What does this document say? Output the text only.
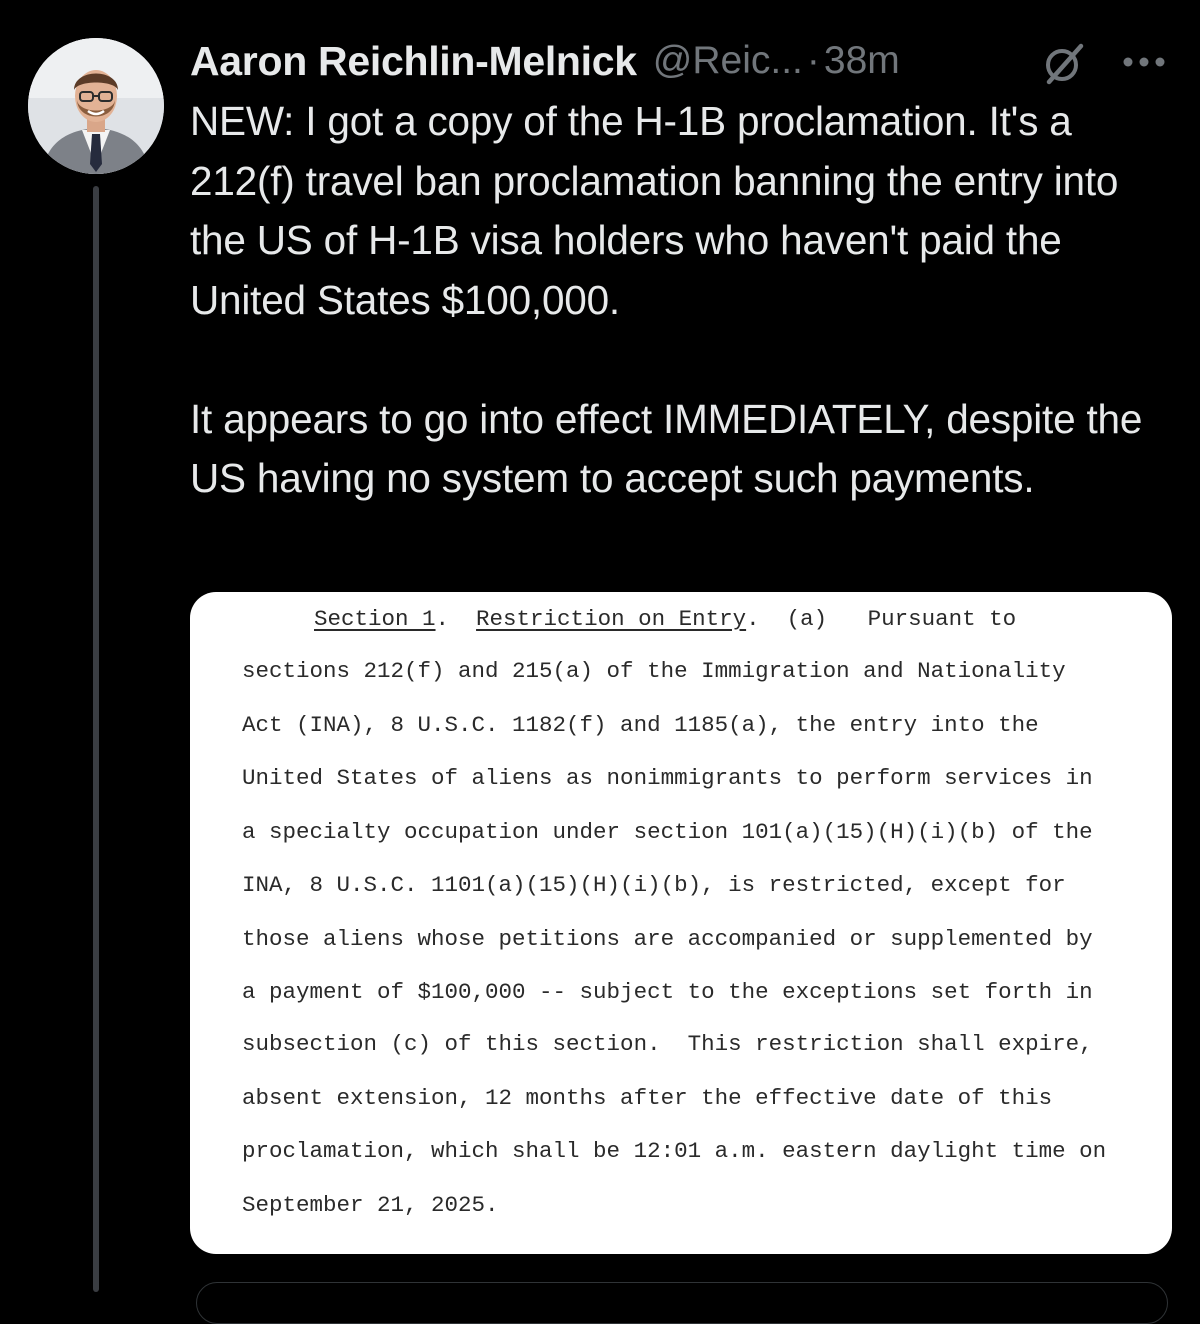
Aaron Reichlin-Melnick @Reic... · 38m

NEW: I got a copy of the H-1B proclamation. It's a 212(f) travel ban proclamation banning the entry into the US of H-1B visa holders who haven't paid the United States $100,000.

It appears to go into effect IMMEDIATELY, despite the US having no system to accept such payments.

Section 1.  Restriction on Entry.  (a)   Pursuant to
sections 212(f) and 215(a) of the Immigration and Nationality
Act (INA), 8 U.S.C. 1182(f) and 1185(a), the entry into the
United States of aliens as nonimmigrants to perform services in
a specialty occupation under section 101(a)(15)(H)(i)(b) of the
INA, 8 U.S.C. 1101(a)(15)(H)(i)(b), is restricted, except for
those aliens whose petitions are accompanied or supplemented by
a payment of $100,000 -- subject to the exceptions set forth in
subsection (c) of this section.  This restriction shall expire,
absent extension, 12 months after the effective date of this
proclamation, which shall be 12:01 a.m. eastern daylight time on
September 21, 2025.
